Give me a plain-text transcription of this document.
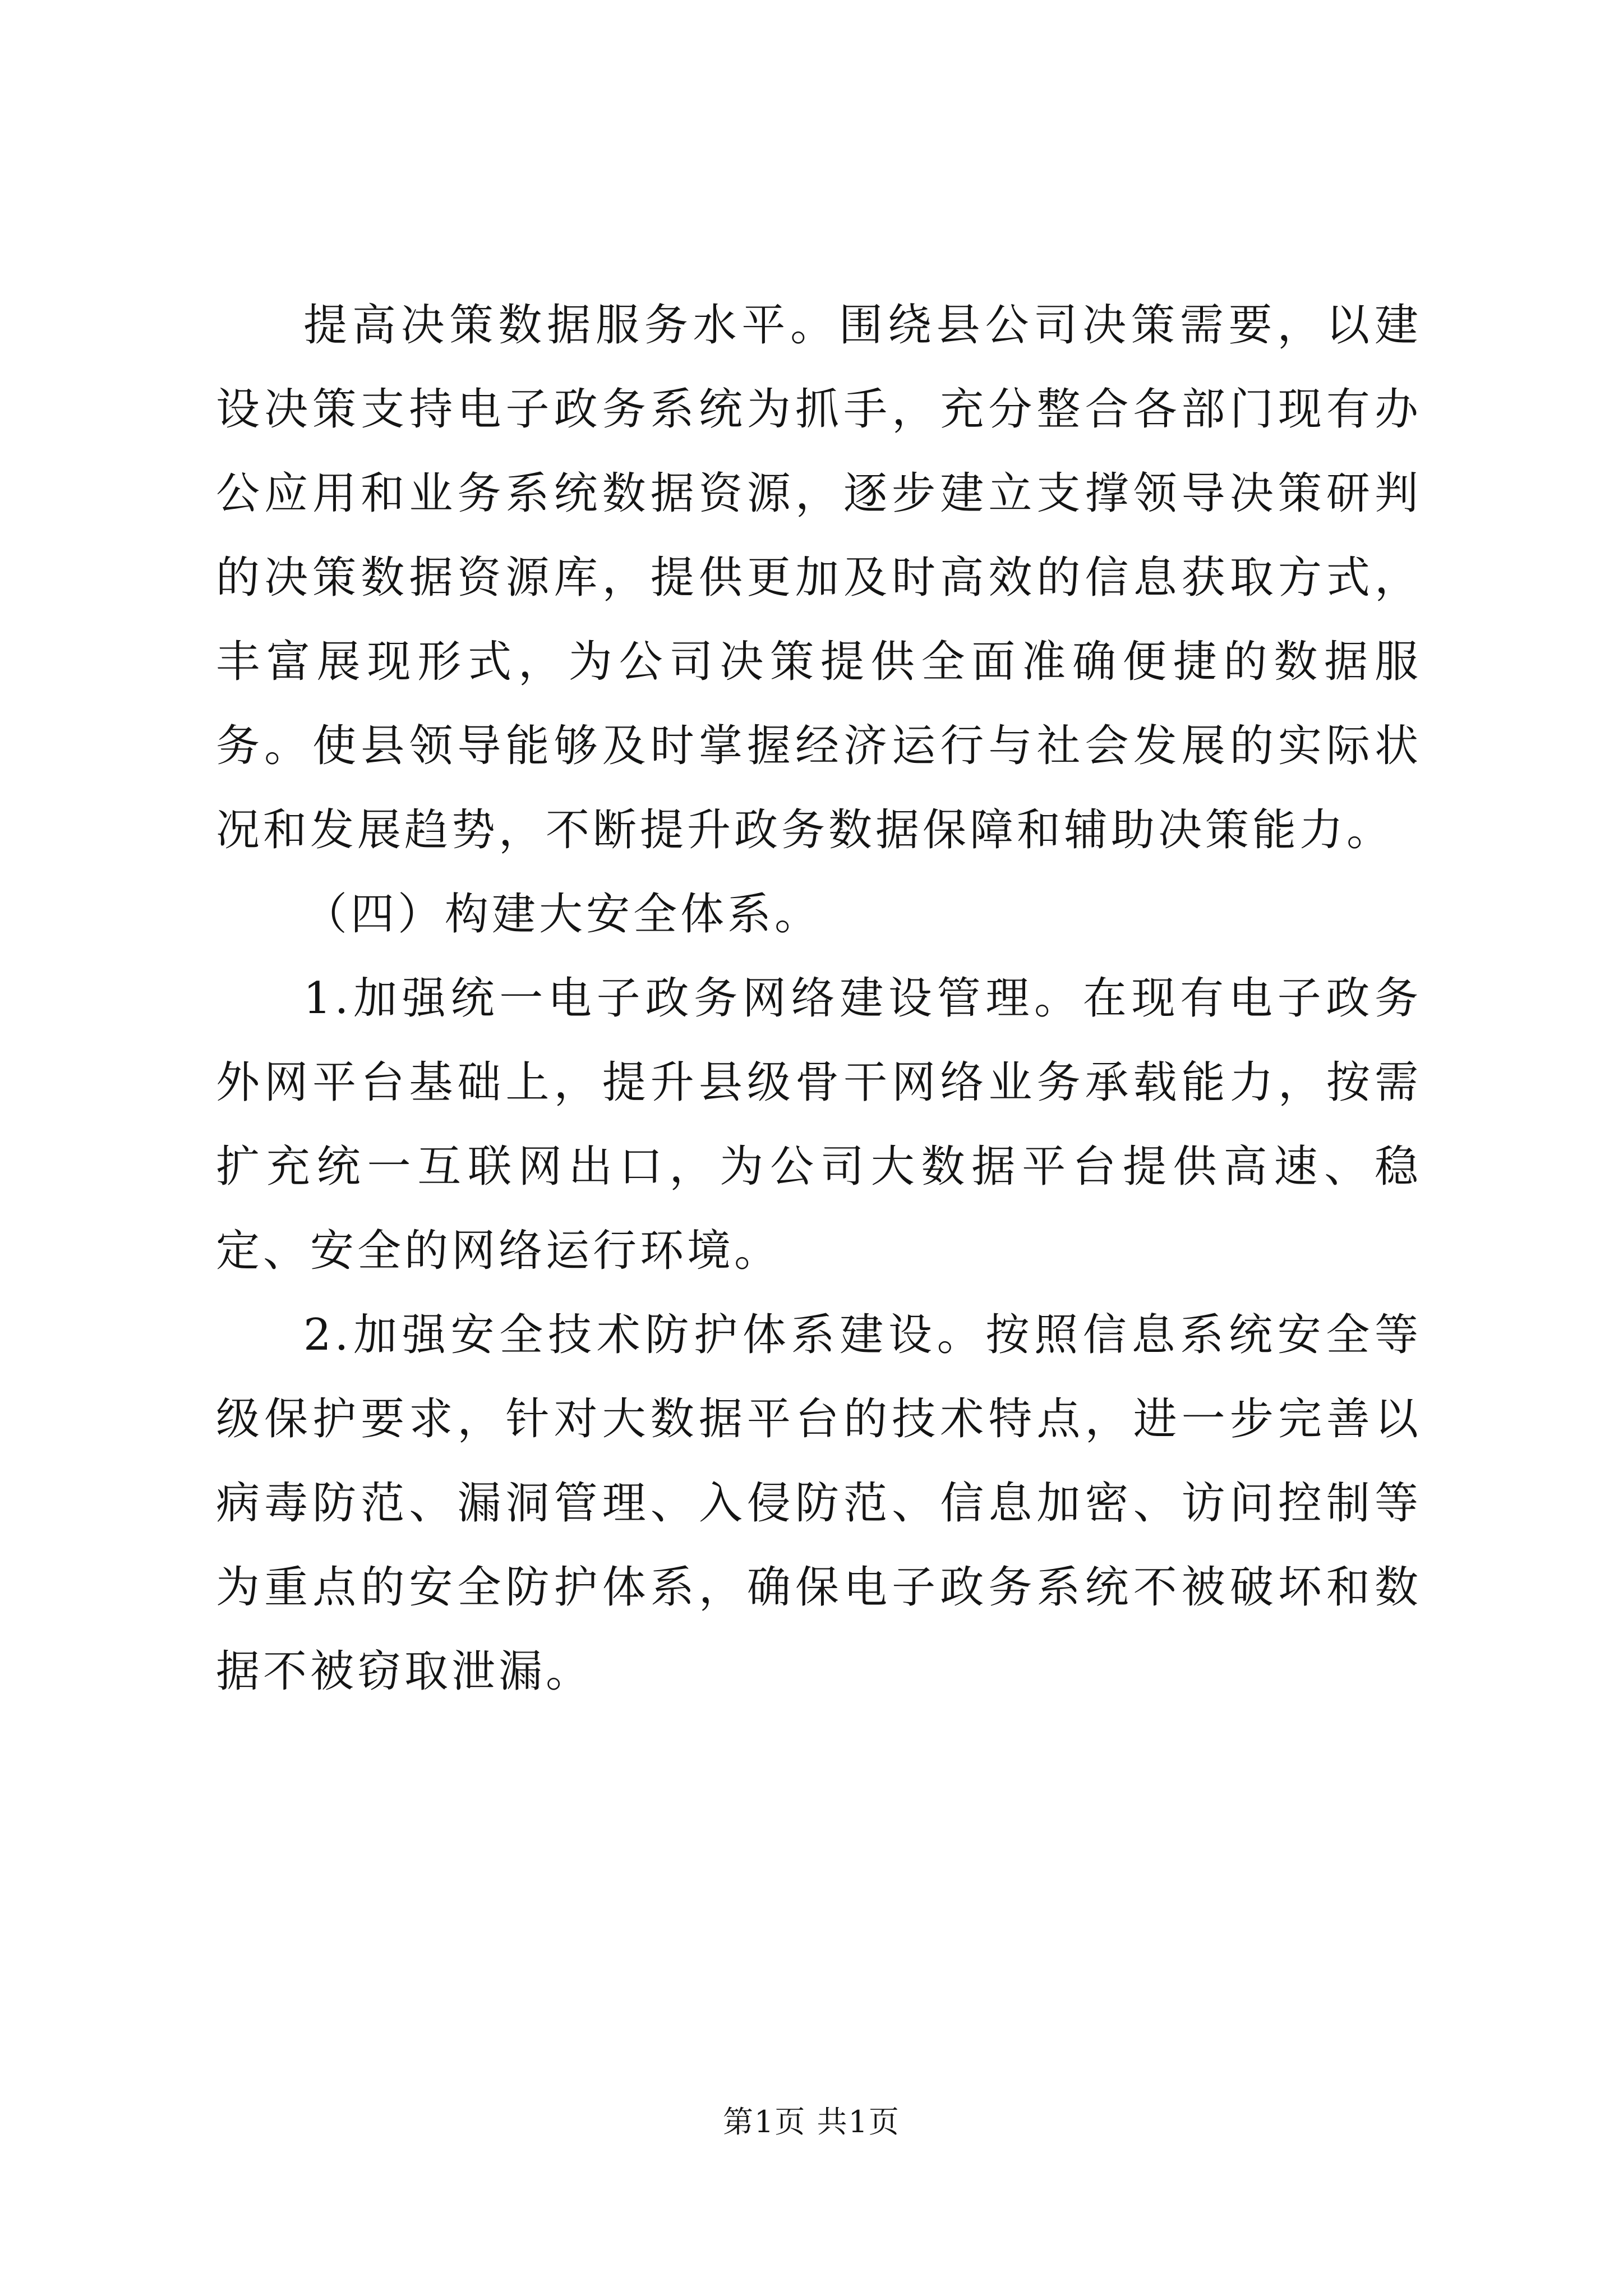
提高决策数据服务水平。围绕县公司决策需要，以建设决策支持电子政务系统为抓手，充分整合各部门现有办公应用和业务系统数据资源，逐步建立支撑领导决策研判的决策数据资源库，提供更加及时高效的信息获取方式，丰富展现形式，为公司决策提供全面准确便捷的数据服务。使县领导能够及时掌握经济运行与社会发展的实际状况和发展趋势，不断提升政务数据保障和辅助决策能力。

（四）构建大安全体系。

1.加强统一电子政务网络建设管理。在现有电子政务外网平台基础上，提升县级骨干网络业务承载能力，按需扩充统一互联网出口，为公司大数据平台提供高速、稳定、安全的网络运行环境。

2.加强安全技术防护体系建设。按照信息系统安全等级保护要求，针对大数据平台的技术特点，进一步完善以病毒防范、漏洞管理、入侵防范、信息加密、访问控制等为重点的安全防护体系，确保电子政务系统不被破坏和数据不被窃取泄漏。

第1页 共1页
